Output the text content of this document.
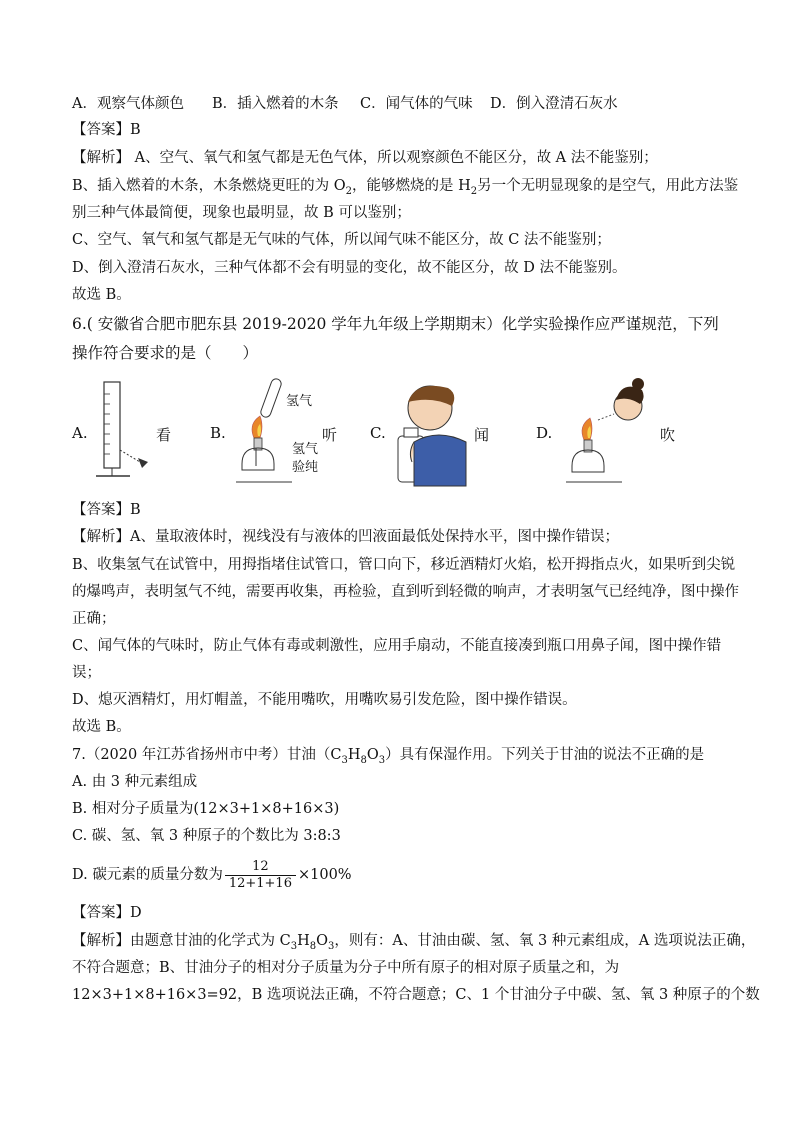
A．观察气体颜色 B．插入燃着的木条 C．闻气体的气味 D．倒入澄清石灰水
【答案】B
【解析】 A、空气、氧气和氢气都是无色气体，所以观察颜色不能区分，故 A 法不能鉴别；
B、插入燃着的木条，木条燃烧更旺的为 $O_2$，能够燃烧的是 $H_2$另一个无明显现象的是空气，用此方法鉴
别三种气体最简便，现象也最明显，故 B 可以鉴别；
C、空气、氧气和氢气都是无气味的气体，所以闻气味不能区分，故 C 法不能鉴别；
D、倒入澄清石灰水，三种气体都不会有明显的变化，故不能区分，故 D 法不能鉴别。
故选 B。
6.( 安徽省合肥市肥东县 2019-2020 学年九年级上学期期末）化学实验操作应严谨规范，下列
操作符合要求的是（　　）
A.	看	B.
氢气
氢气
验纯
听 C.	闻	D.	吹
【答案】B
【解析】A、量取液体时，视线没有与液体的凹液面最低处保持水平，图中操作错误；
B、收集氢气在试管中，用拇指堵住试管口，管口向下，移近酒精灯火焰，松开拇指点火，如果听到尖锐
的爆鸣声，表明氢气不纯，需要再收集，再检验，直到听到轻微的响声，才表明氢气已经纯净，图中操作
正确；
C、闻气体的气味时，防止气体有毒或刺激性，应用手扇动，不能直接凑到瓶口用鼻子闻，图中操作错
误；
D、熄灭酒精灯，用灯帽盖，不能用嘴吹，用嘴吹易引发危险，图中操作错误。
故选 B。
7.（2020 年江苏省扬州市中考）甘油$(C_3H_8O_3)$具有保湿作用。下列关于甘油的说法不正确的是
A. 由 3 种元素组成
B. 相对分子质量为(12×3+1×8+16×3)
C. 碳、氢、氧 3 种原子的个数比为 3:8:3
D. 碳元素的质量分数为 $\frac{12}{12+1+16} \times 100\%$
【答案】D
【解析】由题意甘油的化学式为 $C_3H_8O_3$，则有：A、甘油由碳、氢、氧 3 种元素组成，A 选项说法正确，
不符合题意；B、甘油分子的相对分子质量为分子中所有原子的相对原子质量之和，为
12×3+1×8+16×3=92，B 选项说法正确，不符合题意；C、1 个甘油分子中碳、氢、氧 3 种原子的个数
